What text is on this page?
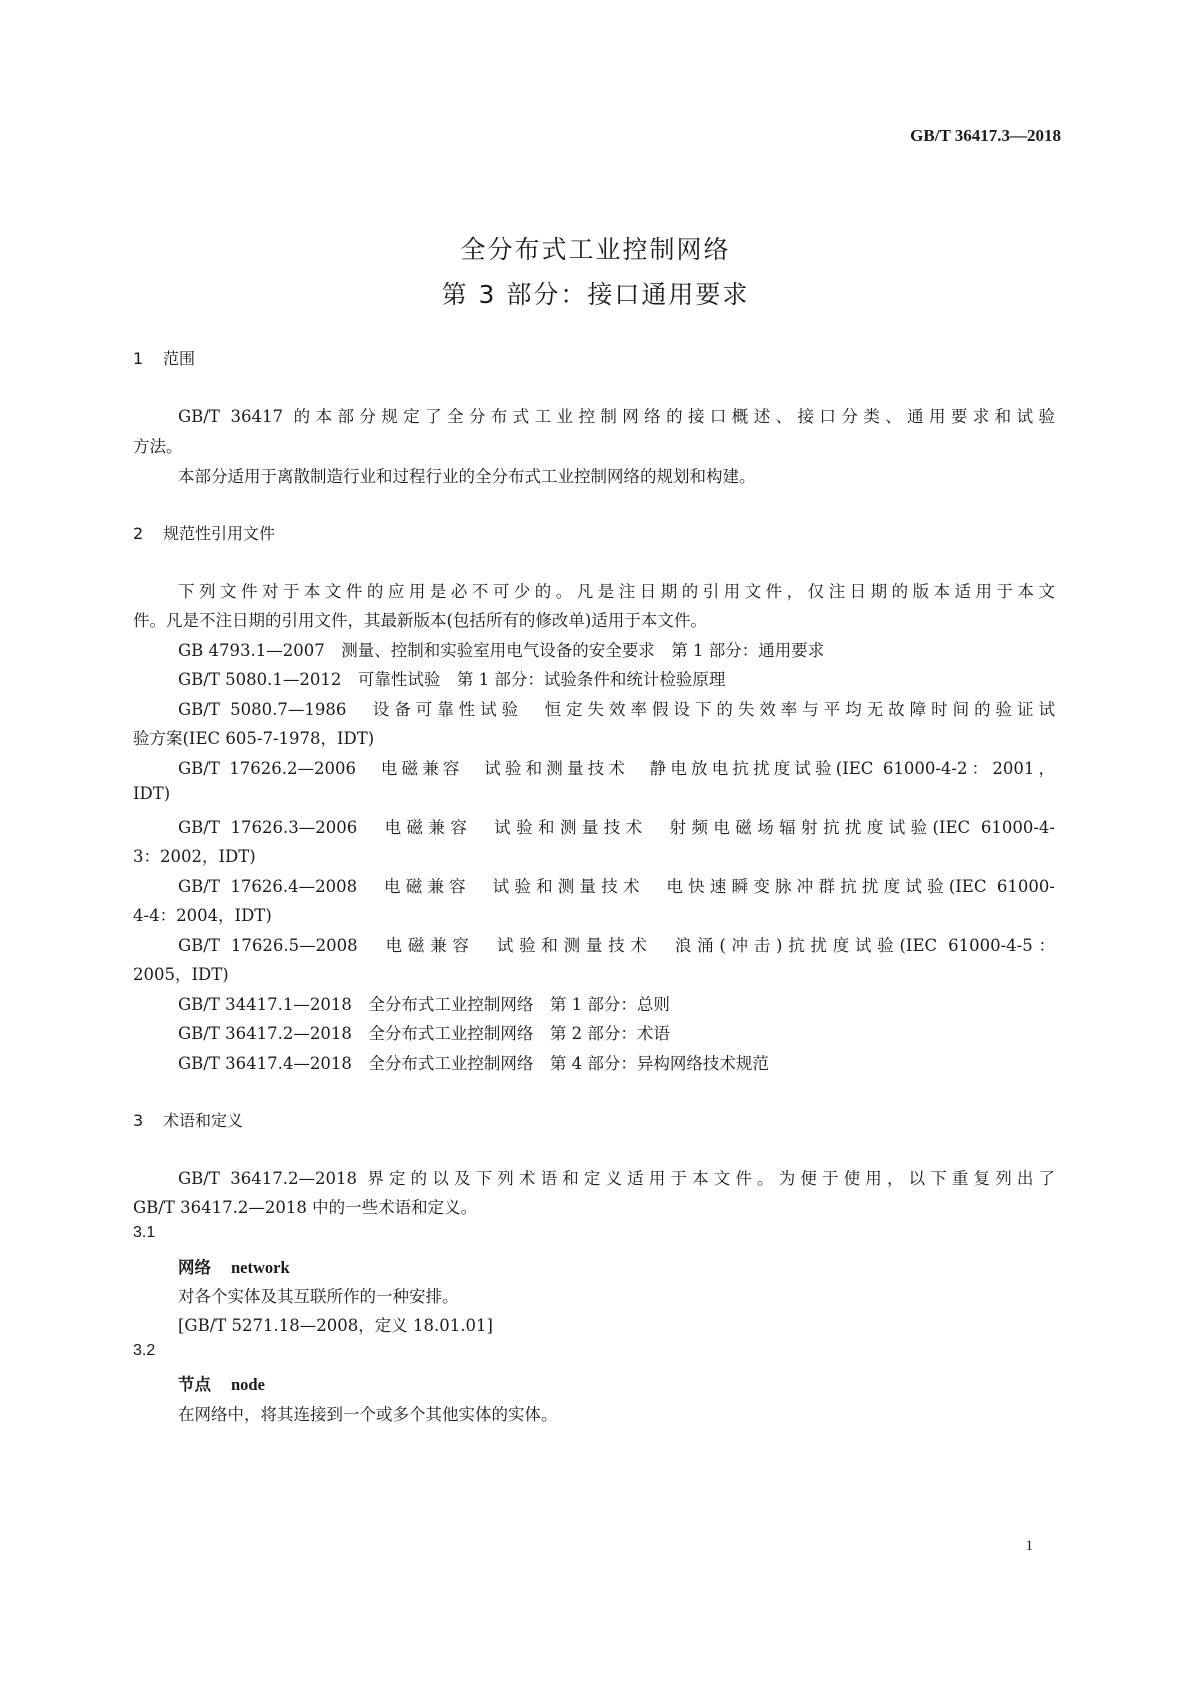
GB/T 36417.3—2018
全分布式工业控制网络
第 3 部分：接口通用要求
1 范围
GB/T 36417 的本部分规定了全分布式工业控制网络的接口概述、接口分类、通用要求和试验
方法。
本部分适用于离散制造行业和过程行业的全分布式工业控制网络的规划和构建。
2 规范性引用文件
下列文件对于本文件的应用是必不可少的。凡是注日期的引用文件，仅注日期的版本适用于本文
件。凡是不注日期的引用文件，其最新版本(包括所有的修改单)适用于本文件。
GB 4793.1—2007　测量、控制和实验室用电气设备的安全要求　第 1 部分：通用要求
GB/T 5080.1—2012　可靠性试验　第 1 部分：试验条件和统计检验原理
GB/T 5080.7—1986　设备可靠性试验　恒定失效率假设下的失效率与平均无故障时间的验证试
验方案(IEC 605-7-1978，IDT)
GB/T 17626.2—2006　电磁兼容　试验和测量技术　静电放电抗扰度试验(IEC 61000-4-2：2001，
IDT)
GB/T 17626.3—2006　电磁兼容　试验和测量技术　射频电磁场辐射抗扰度试验(IEC 61000-4-
3：2002，IDT)
GB/T 17626.4—2008　电磁兼容　试验和测量技术　电快速瞬变脉冲群抗扰度试验(IEC 61000-
4-4：2004，IDT)
GB/T 17626.5—2008　电磁兼容　试验和测量技术　浪涌(冲击)抗扰度试验(IEC 61000-4-5：
2005，IDT)
GB/T 34417.1—2018　全分布式工业控制网络　第 1 部分：总则
GB/T 36417.2—2018　全分布式工业控制网络　第 2 部分：术语
GB/T 36417.4—2018　全分布式工业控制网络　第 4 部分：异构网络技术规范
3 术语和定义
GB/T 36417.2—2018 界定的以及下列术语和定义适用于本文件。为便于使用，以下重复列出了
GB/T 36417.2—2018 中的一些术语和定义。
3.1
网络 network
对各个实体及其互联所作的一种安排。
[GB/T 5271.18—2008，定义 18.01.01]
3.2
节点 node
在网络中，将其连接到一个或多个其他实体的实体。
1
